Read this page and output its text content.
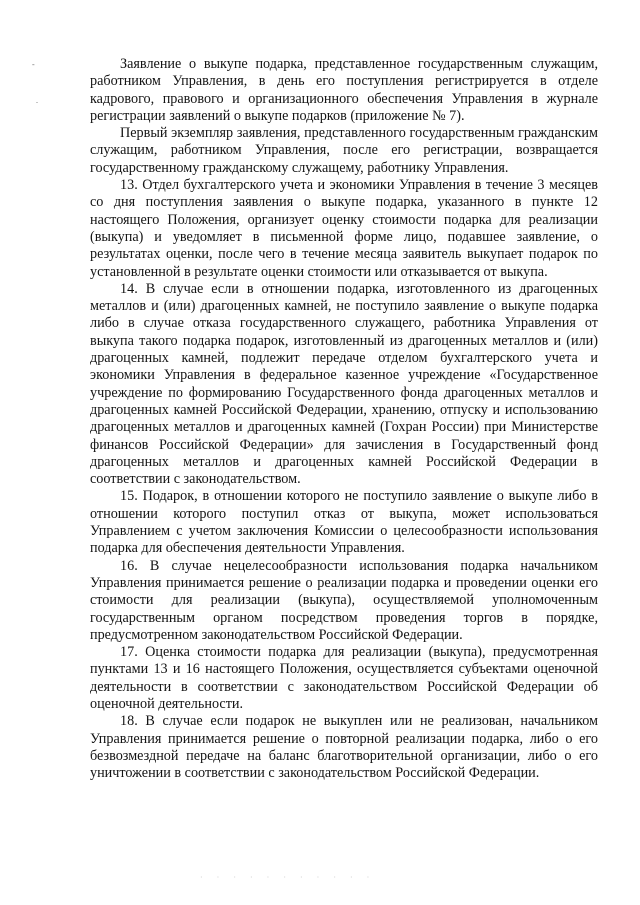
-
.

Заявление о выкупе подарка, представленное государственным служащим, работником Управления, в день его поступления регистрируется в отделе кадрового, правового и организационного обеспечения Управления в журнале регистрации заявлений о выкупе подарков (приложение № 7).

Первый экземпляр заявления, представленного государственным гражданским служащим, работником Управления, после его регистрации, возвращается государственному гражданскому служащему, работнику Управления.

13. Отдел бухгалтерского учета и экономики Управления в течение 3 месяцев со дня поступления заявления о выкупе подарка, указанного в пункте 12 настоящего Положения, организует оценку стоимости подарка для реализации (выкупа) и уведомляет в письменной форме лицо, подавшее заявление, о результатах оценки, после чего в течение месяца заявитель выкупает подарок по установленной в результате оценки стоимости или отказывается от выкупа.

14. В случае если в отношении подарка, изготовленного из драгоценных металлов и (или) драгоценных камней, не поступило заявление о выкупе подарка либо в случае отказа государственного служащего, работника Управления от выкупа такого подарка подарок, изготовленный из драгоценных металлов и (или) драгоценных камней, подлежит передаче отделом бухгалтерского учета и экономики Управления в федеральное казенное учреждение «Государственное учреждение по формированию Государственного фонда драгоценных металлов и драгоценных камней Российской Федерации, хранению, отпуску и использованию драгоценных металлов и драгоценных камней (Гохран России) при Министерстве финансов Российской Федерации» для зачисления в Государственный фонд драгоценных металлов и драгоценных камней Российской Федерации в соответствии с законодательством.

15. Подарок, в отношении которого не поступило заявление о выкупе либо в отношении которого поступил отказ от выкупа, может использоваться Управлением с учетом заключения Комиссии о целесообразности использования подарка для обеспечения деятельности Управления.

16. В случае нецелесообразности использования подарка начальником Управления принимается решение о реализации подарка и проведении оценки его стоимости для реализации (выкупа), осуществляемой уполномоченным государственным органом посредством проведения торгов в порядке, предусмотренном законодательством Российской Федерации.

17. Оценка стоимости подарка для реализации (выкупа), предусмотренная пунктами 13 и 16 настоящего Положения, осуществляется субъектами оценочной деятельности в соответствии с законодательством Российской Федерации об оценочной деятельности.

18. В случае если подарок не выкуплен или не реализован, начальником Управления принимается решение о повторной реализации подарка, либо о его безвозмездной передаче на баланс благотворительной организации, либо о его уничтожении в соответствии с законодательством Российской Федерации.

· · · · · · · · · · ·
